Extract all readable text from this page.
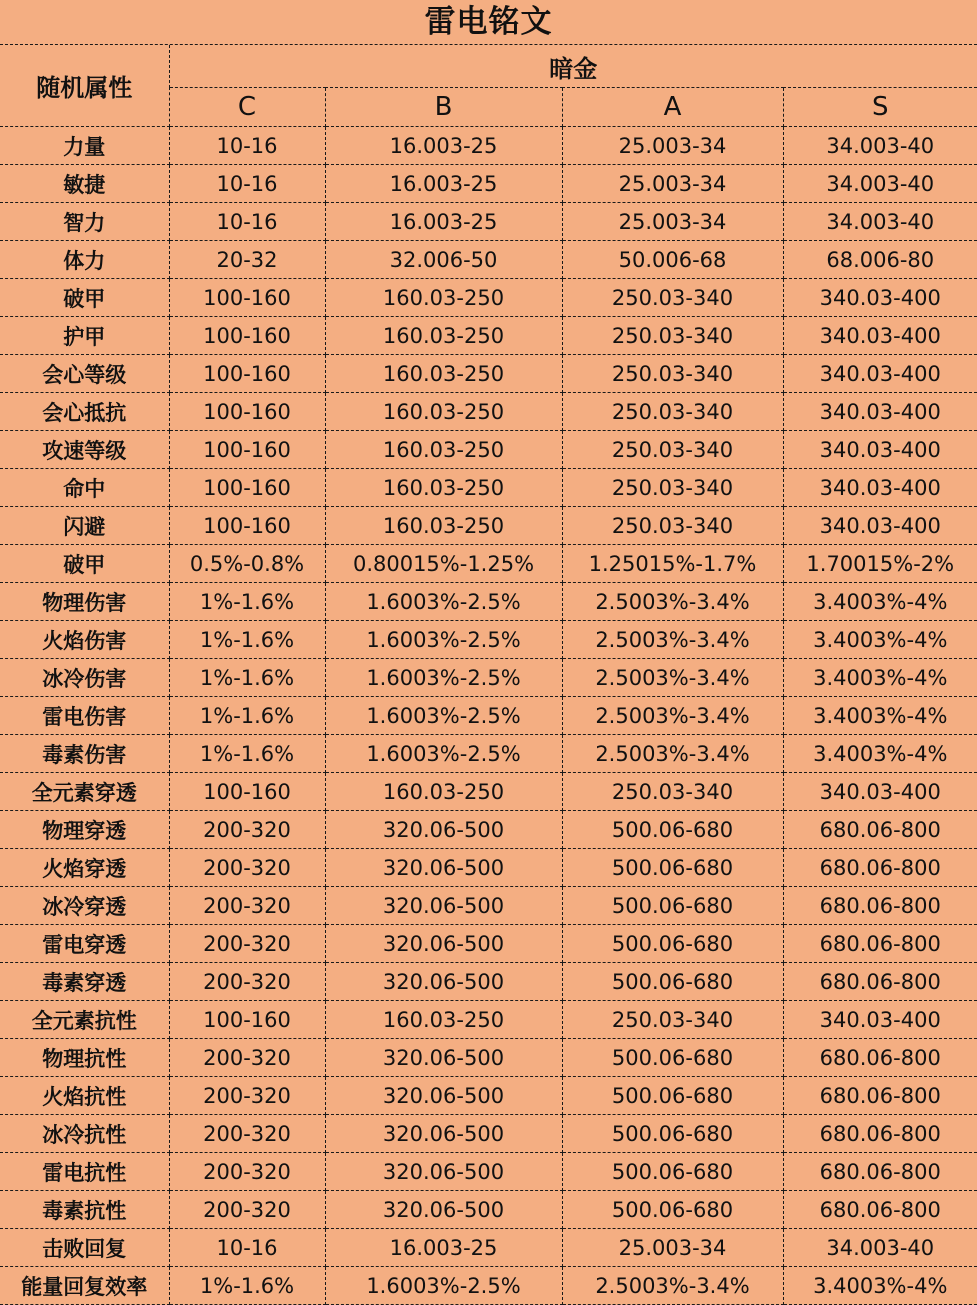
雷电铭文
随机属性	暗金			
	C	B	A	S
力量	10-16	16.003-25	25.003-34	34.003-40
敏捷	10-16	16.003-25	25.003-34	34.003-40
智力	10-16	16.003-25	25.003-34	34.003-40
体力	20-32	32.006-50	50.006-68	68.006-80
破甲	100-160	160.03-250	250.03-340	340.03-400
护甲	100-160	160.03-250	250.03-340	340.03-400
会心等级	100-160	160.03-250	250.03-340	340.03-400
会心抵抗	100-160	160.03-250	250.03-340	340.03-400
攻速等级	100-160	160.03-250	250.03-340	340.03-400
命中	100-160	160.03-250	250.03-340	340.03-400
闪避	100-160	160.03-250	250.03-340	340.03-400
破甲	0.5%-0.8%	0.80015%-1.25%	1.25015%-1.7%	1.70015%-2%
物理伤害	1%-1.6%	1.6003%-2.5%	2.5003%-3.4%	3.4003%-4%
火焰伤害	1%-1.6%	1.6003%-2.5%	2.5003%-3.4%	3.4003%-4%
冰冷伤害	1%-1.6%	1.6003%-2.5%	2.5003%-3.4%	3.4003%-4%
雷电伤害	1%-1.6%	1.6003%-2.5%	2.5003%-3.4%	3.4003%-4%
毒素伤害	1%-1.6%	1.6003%-2.5%	2.5003%-3.4%	3.4003%-4%
全元素穿透	100-160	160.03-250	250.03-340	340.03-400
物理穿透	200-320	320.06-500	500.06-680	680.06-800
火焰穿透	200-320	320.06-500	500.06-680	680.06-800
冰冷穿透	200-320	320.06-500	500.06-680	680.06-800
雷电穿透	200-320	320.06-500	500.06-680	680.06-800
毒素穿透	200-320	320.06-500	500.06-680	680.06-800
全元素抗性	100-160	160.03-250	250.03-340	340.03-400
物理抗性	200-320	320.06-500	500.06-680	680.06-800
火焰抗性	200-320	320.06-500	500.06-680	680.06-800
冰冷抗性	200-320	320.06-500	500.06-680	680.06-800
雷电抗性	200-320	320.06-500	500.06-680	680.06-800
毒素抗性	200-320	320.06-500	500.06-680	680.06-800
击败回复	10-16	16.003-25	25.003-34	34.003-40
能量回复效率	1%-1.6%	1.6003%-2.5%	2.5003%-3.4%	3.4003%-4%
